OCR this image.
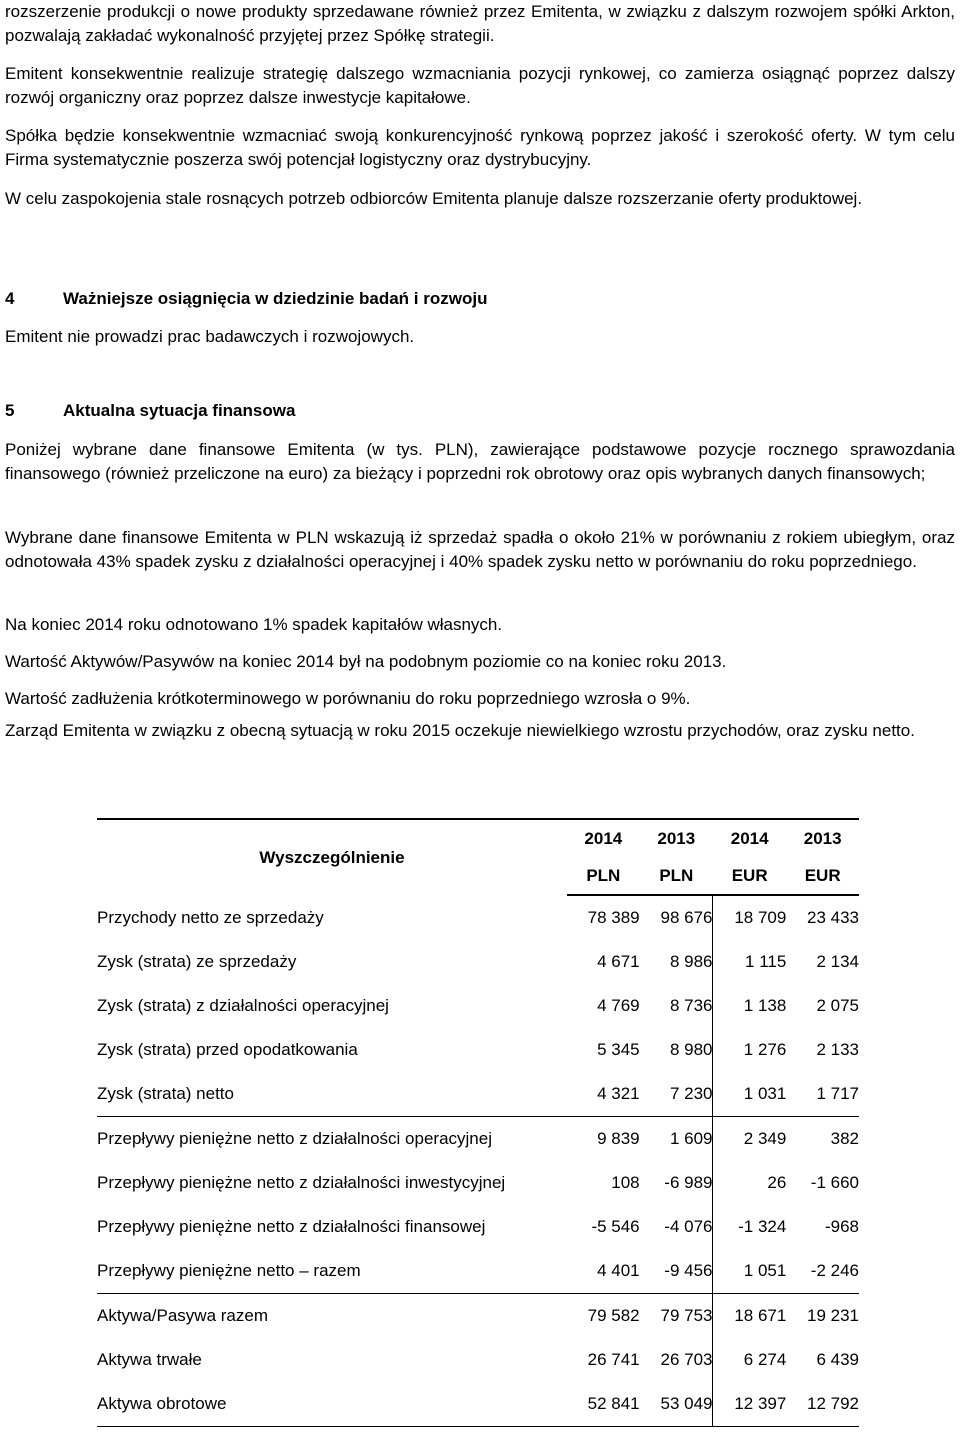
rozszerzenie produkcji o nowe produkty sprzedawane również przez Emitenta, w związku z dalszym rozwojem spółki Arkton, pozwalają zakładać wykonalność przyjętej przez Spółkę strategii.

Emitent konsekwentnie realizuje strategię dalszego wzmacniania pozycji rynkowej, co zamierza osiągnąć poprzez dalszy rozwój organiczny oraz poprzez dalsze inwestycje kapitałowe.

Spółka będzie konsekwentnie wzmacniać swoją konkurencyjność rynkową poprzez jakość i szerokość oferty. W tym celu Firma systematycznie poszerza swój potencjał logistyczny oraz dystrybucyjny.

W celu zaspokojenia stale rosnących potrzeb odbiorców Emitenta planuje dalsze rozszerzanie oferty produktowej.

4	Ważniejsze osiągnięcia w dziedzinie badań i rozwoju

Emitent nie prowadzi prac badawczych i rozwojowych.

5	Aktualna sytuacja finansowa

Poniżej wybrane dane finansowe Emitenta (w tys. PLN), zawierające podstawowe pozycje rocznego sprawozdania finansowego (również przeliczone na euro) za bieżący i poprzedni rok obrotowy oraz opis wybranych danych finansowych;

Wybrane dane finansowe Emitenta w PLN wskazują iż sprzedaż spadła o około 21% w porównaniu z rokiem ubiegłym, oraz odnotowała 43% spadek zysku z działalności operacyjnej i 40% spadek zysku netto w porównaniu do roku poprzedniego.

Na koniec 2014 roku odnotowano 1% spadek kapitałów własnych.

Wartość Aktywów/Pasywów na koniec 2014 był na podobnym poziomie co na koniec roku 2013.

Wartość zadłużenia krótkoterminowego w porównaniu do roku poprzedniego wzrosła o 9%.

Zarząd Emitenta w związku z obecną sytuacją w roku 2015 oczekuje niewielkiego wzrostu przychodów, oraz zysku netto.

Wyszczególnienie	2014	2013	2014	2013
	PLN	PLN	EUR	EUR
Przychody netto ze sprzedaży	78 389	98 676	18 709	23 433
Zysk (strata) ze sprzedaży	4 671	8 986	1 115	2 134
Zysk (strata) z działalności operacyjnej	4 769	8 736	1 138	2 075
Zysk (strata) przed opodatkowania	5 345	8 980	1 276	2 133
Zysk (strata) netto	4 321	7 230	1 031	1 717
Przepływy pieniężne netto z działalności operacyjnej	9 839	1 609	2 349	382
Przepływy pieniężne netto z działalności inwestycyjnej	108	-6 989	26	-1 660
Przepływy pieniężne netto z działalności finansowej	-5 546	-4 076	-1 324	-968
Przepływy pieniężne netto – razem	4 401	-9 456	1 051	-2 246
Aktywa/Pasywa razem	79 582	79 753	18 671	19 231
Aktywa trwałe	26 741	26 703	6 274	6 439
Aktywa obrotowe	52 841	53 049	12 397	12 792
